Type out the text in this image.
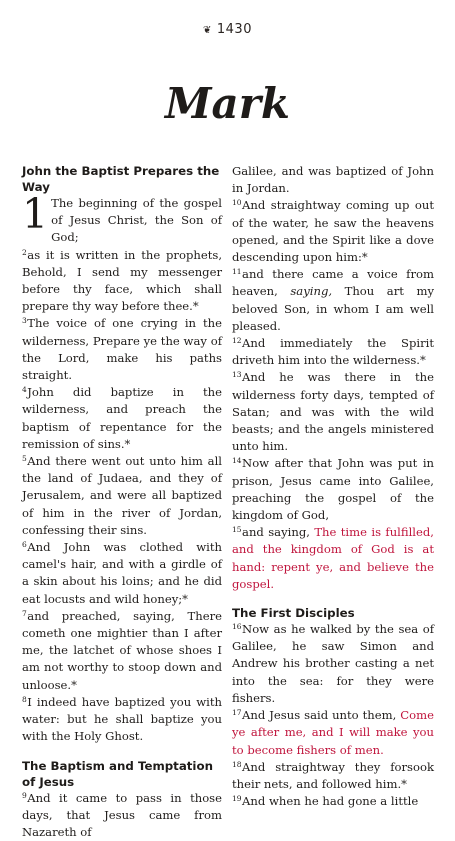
❦ 1430
Mark
John the Baptist Prepares the Way

1 The beginning of the gospel of Jesus Christ, the Son of God;

$^2$as it is written in the prophets, Behold, I send my messenger before thy face, which shall prepare thy way before thee.*

$^3$The voice of one crying in the wilderness, Prepare ye the way of the Lord, make his paths straight.

$^4$John did baptize in the wilderness, and preach the baptism of repentance for the remission of sins.*

$^5$And there went out unto him all the land of Judaea, and they of Jerusalem, and were all baptized of him in the river of Jordan, confessing their sins.

$^6$And John was clothed with camel's hair, and with a girdle of a skin about his loins; and he did eat locusts and wild honey;*

$^7$and preached, saying, There cometh one mightier than I after me, the latchet of whose shoes I am not worthy to stoop down and unloose.*

$^8$I indeed have baptized you with water: but he shall baptize you with the Holy Ghost.

The Baptism and Temptation of Jesus

$^9$And it came to pass in those days, that Jesus came from Nazareth of

Galilee, and was baptized of John in Jordan.

$^{10}$And straightway coming up out of the water, he saw the heavens opened, and the Spirit like a dove descending upon him:*

$^{11}$and there came a voice from heaven, saying, Thou art my beloved Son, in whom I am well pleased.

$^{12}$And immediately the Spirit driveth him into the wilderness.*

$^{13}$And he was there in the wilderness forty days, tempted of Satan; and was with the wild beasts; and the angels ministered unto him.

$^{14}$Now after that John was put in prison, Jesus came into Galilee, preaching the gospel of the kingdom of God,

$^{15}$and saying, The time is fulfilled, and the kingdom of God is at hand: repent ye, and believe the gospel.

The First Disciples

$^{16}$Now as he walked by the sea of Galilee, he saw Simon and Andrew his brother casting a net into the sea: for they were fishers.

$^{17}$And Jesus said unto them, Come ye after me, and I will make you to become fishers of men.

$^{18}$And straightway they forsook their nets, and followed him.*

$^{19}$And when he had gone a little
